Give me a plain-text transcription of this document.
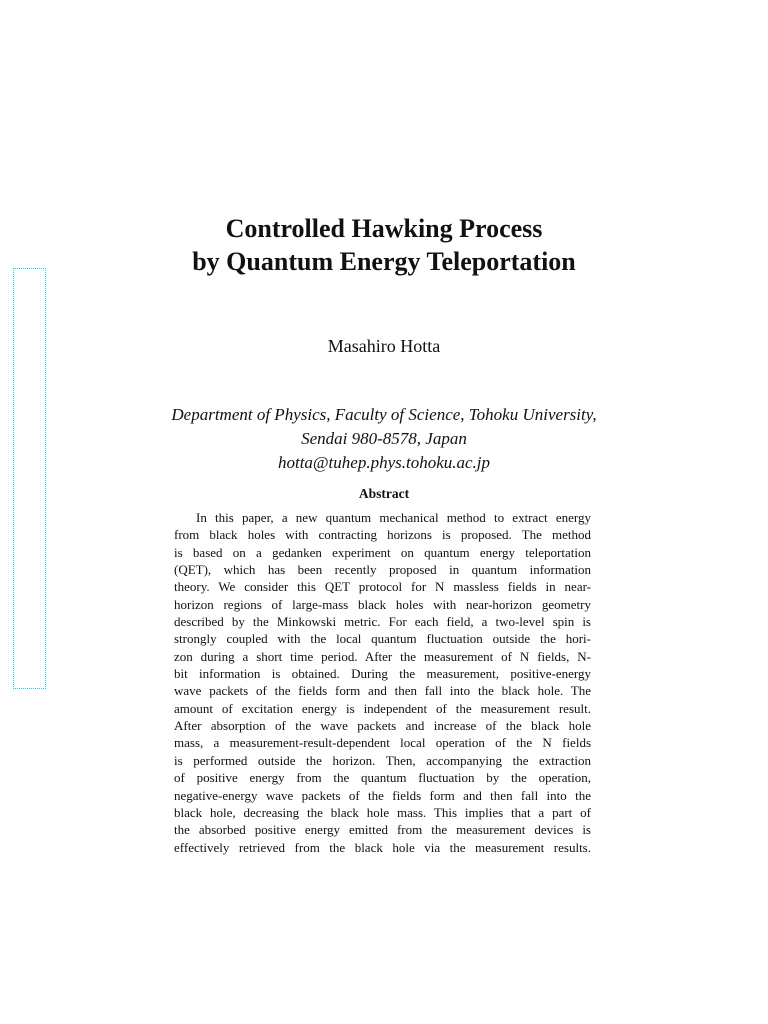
Controlled Hawking Process
by Quantum Energy Teleportation
Masahiro Hotta
Department of Physics, Faculty of Science, Tohoku University,
Sendai 980-8578, Japan
hotta@tuhep.phys.tohoku.ac.jp
Abstract
In this paper, a new quantum mechanical method to extract energy
from black holes with contracting horizons is proposed. The method
is based on a gedanken experiment on quantum energy teleportation
(QET), which has been recently proposed in quantum information
theory. We consider this QET protocol for N massless fields in near-
horizon regions of large-mass black holes with near-horizon geometry
described by the Minkowski metric. For each field, a two-level spin is
strongly coupled with the local quantum fluctuation outside the hori-
zon during a short time period. After the measurement of N fields, N-
bit information is obtained. During the measurement, positive-energy
wave packets of the fields form and then fall into the black hole. The
amount of excitation energy is independent of the measurement result.
After absorption of the wave packets and increase of the black hole
mass, a measurement-result-dependent local operation of the N fields
is performed outside the horizon. Then, accompanying the extraction
of positive energy from the quantum fluctuation by the operation,
negative-energy wave packets of the fields form and then fall into the
black hole, decreasing the black hole mass. This implies that a part of
the absorbed positive energy emitted from the measurement devices is
effectively retrieved from the black hole via the measurement results.
